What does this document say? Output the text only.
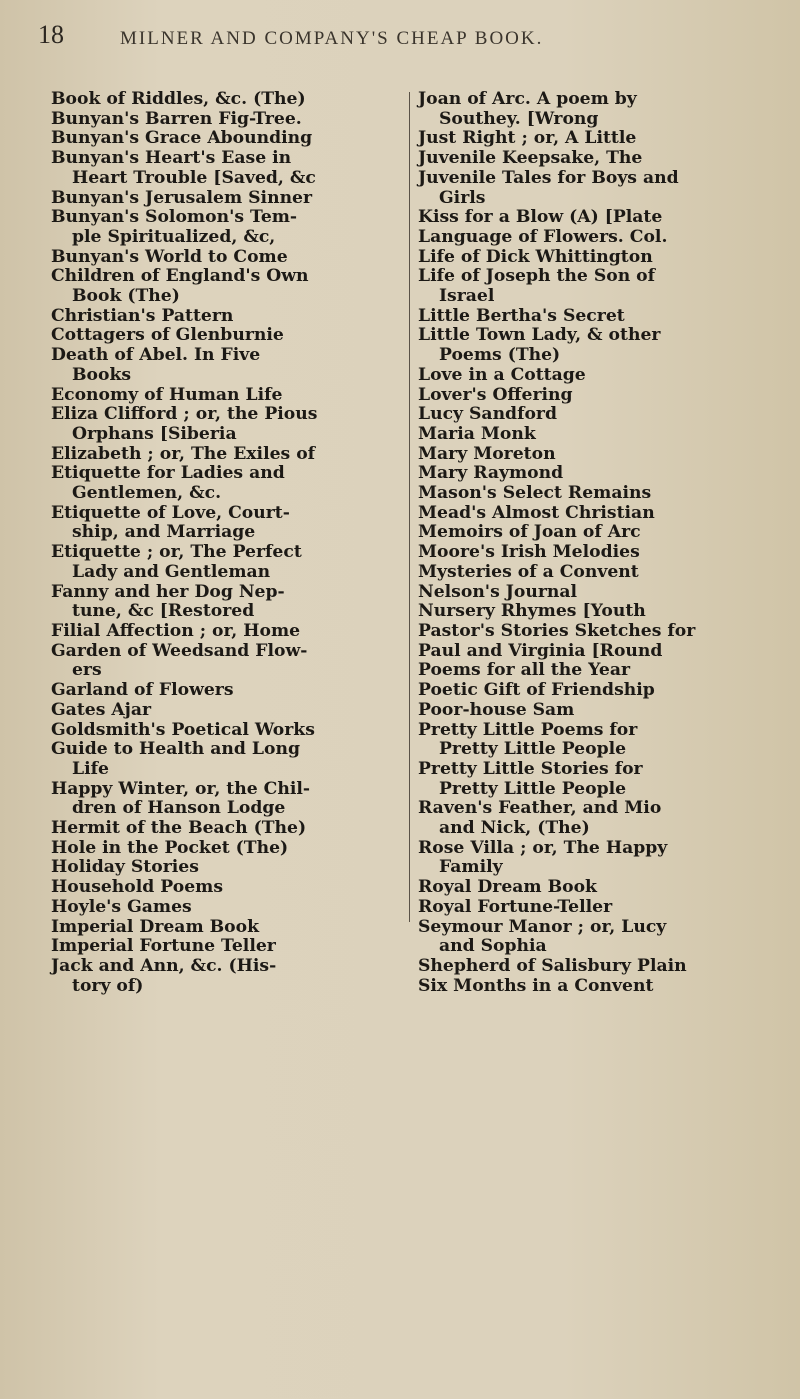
18	MILNER AND COMPANY'S CHEAP BOOK.
Book of Riddles, &c. (The)
Bunyan's Barren Fig-Tree.
Bunyan's Grace Abounding
Bunyan's Heart's Ease in
Heart Trouble [Saved, &c
Bunyan's Jerusalem Sinner
Bunyan's Solomon's Tem-
ple Spiritualized, &c,
Bunyan's World to Come
Children of England's Own
Book (The)
Christian's Pattern
Cottagers of Glenburnie
Death of Abel. In Five
Books
Economy of Human Life
Eliza Clifford ; or, the Pious
Orphans [Siberia
Elizabeth ; or, The Exiles of
Etiquette for Ladies and
Gentlemen, &c.
Etiquette of Love, Court-
ship, and Marriage
Etiquette ; or, The Perfect
Lady and Gentleman
Fanny and her Dog Nep-
tune, &c [Restored
Filial Affection ; or, Home
Garden of Weedsand Flow-
ers
Garland of Flowers
Gates Ajar
Goldsmith's Poetical Works
Guide to Health and Long
Life
Happy Winter, or, the Chil-
dren of Hanson Lodge
Hermit of the Beach (The)
Hole in the Pocket (The)
Holiday Stories
Household Poems
Hoyle's Games
Imperial Dream Book
Imperial Fortune Teller
Jack and Ann, &c. (His-
tory of)
Joan of Arc. A poem by
Southey. [Wrong
Just Right ; or, A Little
Juvenile Keepsake, The
Juvenile Tales for Boys and
Girls
Kiss for a Blow (A) [Plate
Language of Flowers. Col.
Life of Dick Whittington
Life of Joseph the Son of
Israel
Little Bertha's Secret
Little Town Lady, & other
Poems (The)
Love in a Cottage
Lover's Offering
Lucy Sandford
Maria Monk
Mary Moreton
Mary Raymond
Mason's Select Remains
Mead's Almost Christian
Memoirs of Joan of Arc
Moore's Irish Melodies
Mysteries of a Convent
Nelson's Journal
Nursery Rhymes [Youth
Pastor's Stories Sketches for
Paul and Virginia [Round
Poems for all the Year
Poetic Gift of Friendship
Poor-house Sam
Pretty Little Poems for
Pretty Little People
Pretty Little Stories for
Pretty Little People
Raven's Feather, and Mio
and Nick, (The)
Rose Villa ; or, The Happy
Family
Royal Dream Book
Royal Fortune-Teller
Seymour Manor ; or, Lucy
and Sophia
Shepherd of Salisbury Plain
Six Months in a Convent
